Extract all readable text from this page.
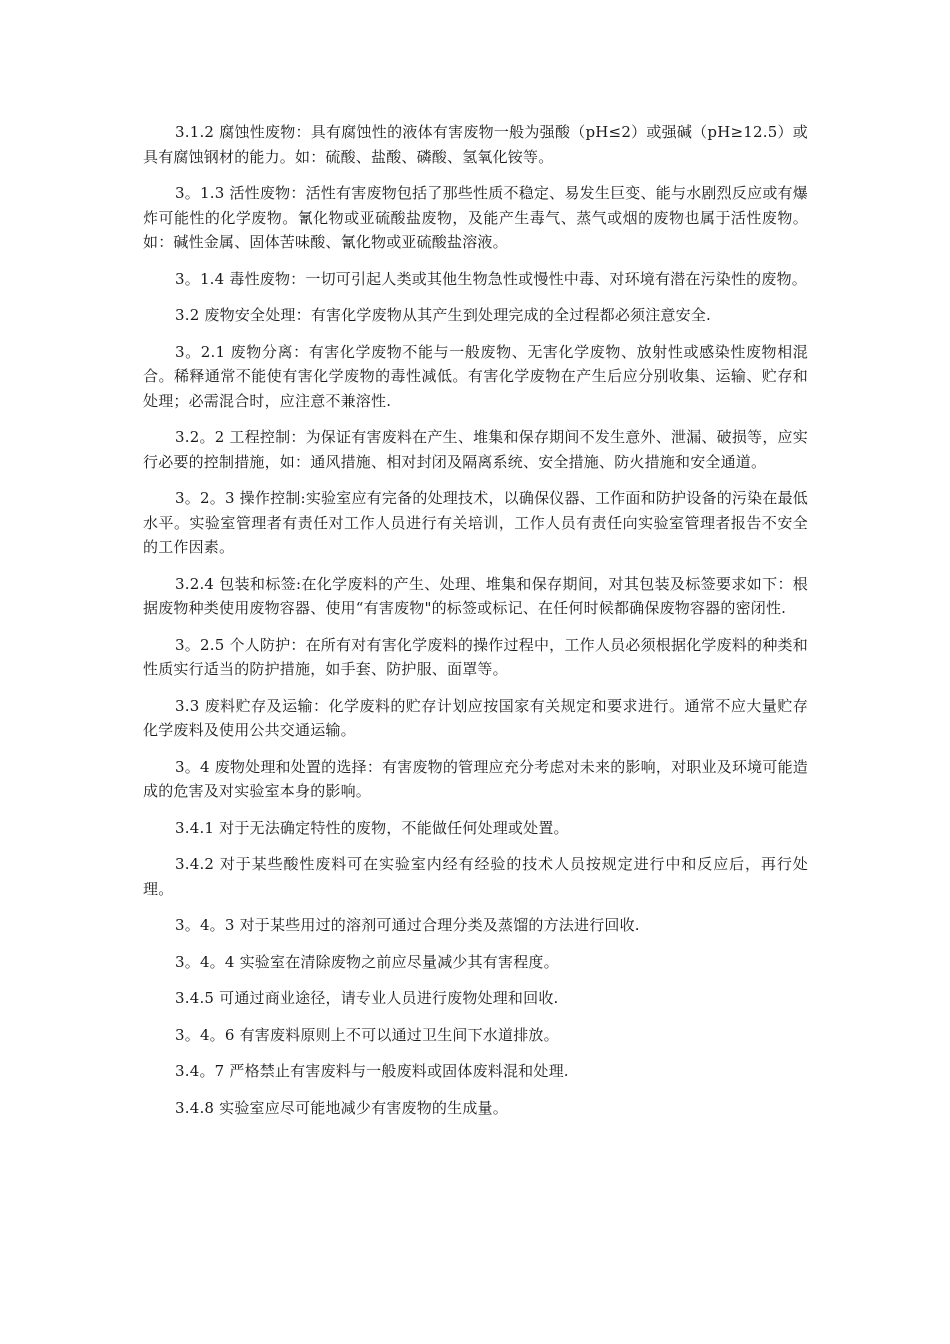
3.1.2 腐蚀性废物：具有腐蚀性的液体有害废物一般为强酸（pH≤2）或强碱（pH≥12.5）或具有腐蚀钢材的能力。如：硫酸、盐酸、磷酸、氢氧化铵等。

3。1.3 活性废物：活性有害废物包括了那些性质不稳定、易发生巨变、能与水剧烈反应或有爆炸可能性的化学废物。氰化物或亚硫酸盐废物，及能产生毒气、蒸气或烟的废物也属于活性废物。如：碱性金属、固体苦味酸、氰化物或亚硫酸盐溶液。

3。1.4 毒性废物：一切可引起人类或其他生物急性或慢性中毒、对环境有潜在污染性的废物。

3.2 废物安全处理：有害化学废物从其产生到处理完成的全过程都必须注意安全.

3。2.1 废物分离：有害化学废物不能与一般废物、无害化学废物、放射性或感染性废物相混合。稀释通常不能使有害化学废物的毒性减低。有害化学废物在产生后应分别收集、运输、贮存和处理；必需混合时，应注意不兼溶性.

3.2。2 工程控制：为保证有害废料在产生、堆集和保存期间不发生意外、泄漏、破损等，应实行必要的控制措施，如：通风措施、相对封闭及隔离系统、安全措施、防火措施和安全通道。

3。2。3 操作控制:实验室应有完备的处理技术，以确保仪器、工作面和防护设备的污染在最低水平。实验室管理者有责任对工作人员进行有关培训，工作人员有责任向实验室管理者报告不安全的工作因素。

3.2.4 包装和标签:在化学废料的产生、处理、堆集和保存期间，对其包装及标签要求如下：根据废物种类使用废物容器、使用“有害废物"的标签或标记、在任何时候都确保废物容器的密闭性.

3。2.5 个人防护：在所有对有害化学废料的操作过程中，工作人员必须根据化学废料的种类和性质实行适当的防护措施，如手套、防护服、面罩等。

3.3 废料贮存及运输：化学废料的贮存计划应按国家有关规定和要求进行。通常不应大量贮存化学废料及使用公共交通运输。

3。4 废物处理和处置的选择：有害废物的管理应充分考虑对未来的影响，对职业及环境可能造成的危害及对实验室本身的影响。

3.4.1 对于无法确定特性的废物，不能做任何处理或处置。

3.4.2 对于某些酸性废料可在实验室内经有经验的技术人员按规定进行中和反应后，再行处理。

3。4。3 对于某些用过的溶剂可通过合理分类及蒸馏的方法进行回收.

3。4。4 实验室在清除废物之前应尽量减少其有害程度。

3.4.5 可通过商业途径，请专业人员进行废物处理和回收.

3。4。6 有害废料原则上不可以通过卫生间下水道排放。

3.4。7 严格禁止有害废料与一般废料或固体废料混和处理.

3.4.8 实验室应尽可能地减少有害废物的生成量。
